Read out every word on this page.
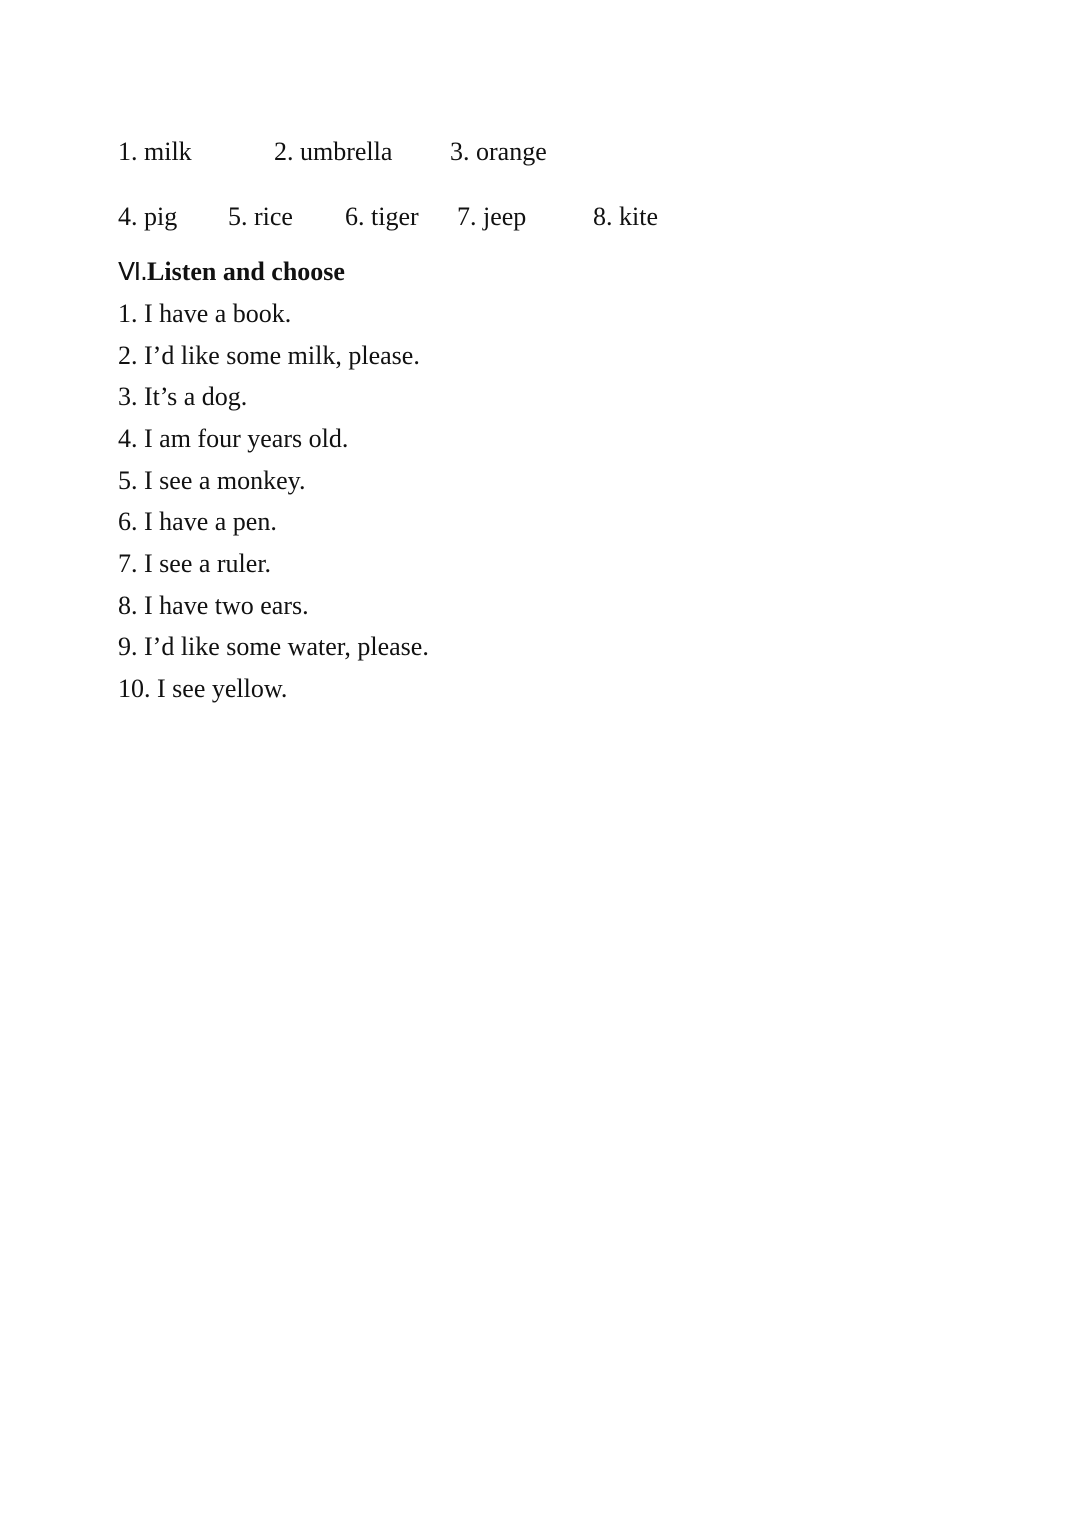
1. milk	2. umbrella 3. orange
4. pig 5. rice 6. tiger 7. jeep	8. kite
Ⅵ.Listen and choose
1. I have a book.
2. I’d like some milk, please.
3. It’s a dog.
4. I am four years old.
5. I see a monkey.
6. I have a pen.
7. I see a ruler.
8. I have two ears.
9. I’d like some water, please.
10. I see yellow.
